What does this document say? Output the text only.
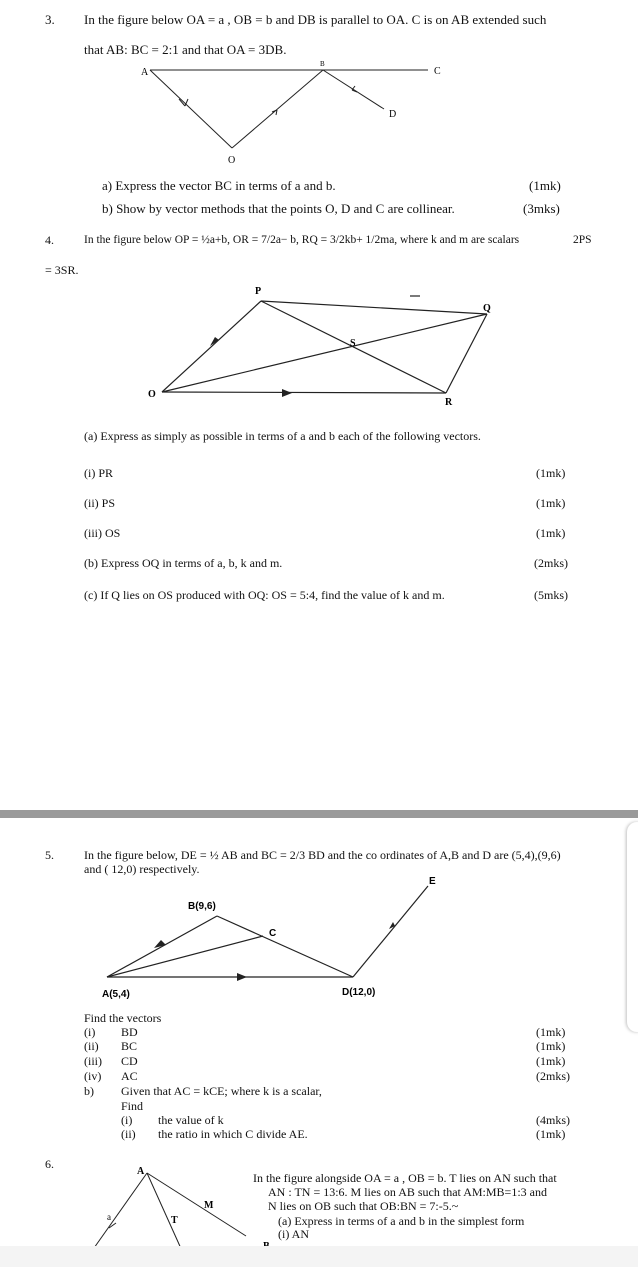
3. In the figure below OA = a , OB = b and DB is parallel to OA. C is on AB extended such
that AB: BC = 2:1 and that OA = 3DB.
A
B
C
D
O
a) Express the vector BC in terms of a and b.	(1mk)
b) Show by vector methods that the points O, D and C are collinear.	(3mks)
4.	In the figure below OP = ½a+b, OR = 7/2a− b, RQ = 3/2kb+ 1/2ma, where k and m are scalars	2PS
= 3SR.
P
Q
S
R
O
(a) Express as simply as possible in terms of a and b each of the following vectors.
(i) PR	(1mk)
(ii) PS	(1mk)
(iii) OS	(1mk)
(b) Express OQ in terms of a, b, k and m.	(2mks)
(c) If Q lies on OS produced with OQ: OS = 5:4, find the value of k and m.	(5mks)
5.	In the figure below, DE = ½ AB and BC = 2/3 BD and the co ordinates of A,B and D are (5,4),(9,6)
and ( 12,0) respectively.
E
B(9,6)
C
A(5,4)	D(12,0)
Find the vectors
(i) BD	(1mk)
(ii) BC	(1mk)
(iii) CD	(1mk)
(iv) AC	(2mks)
b) Given that AC = kCE; where k is a scalar,
Find
(i) the value of k	(4mks)
(ii) the ratio in which C divide AE.	(1mk)
6.
A
M
T
a
In the figure alongside OA = a , OB = b. T lies on AN such that
AN : TN = 13:6. M lies on AB such that AM:MB=1:3 and
N lies on OB such that OB:BN = 7:-5.~
(a) Express in terms of a and b in the simplest form
(i) AN
